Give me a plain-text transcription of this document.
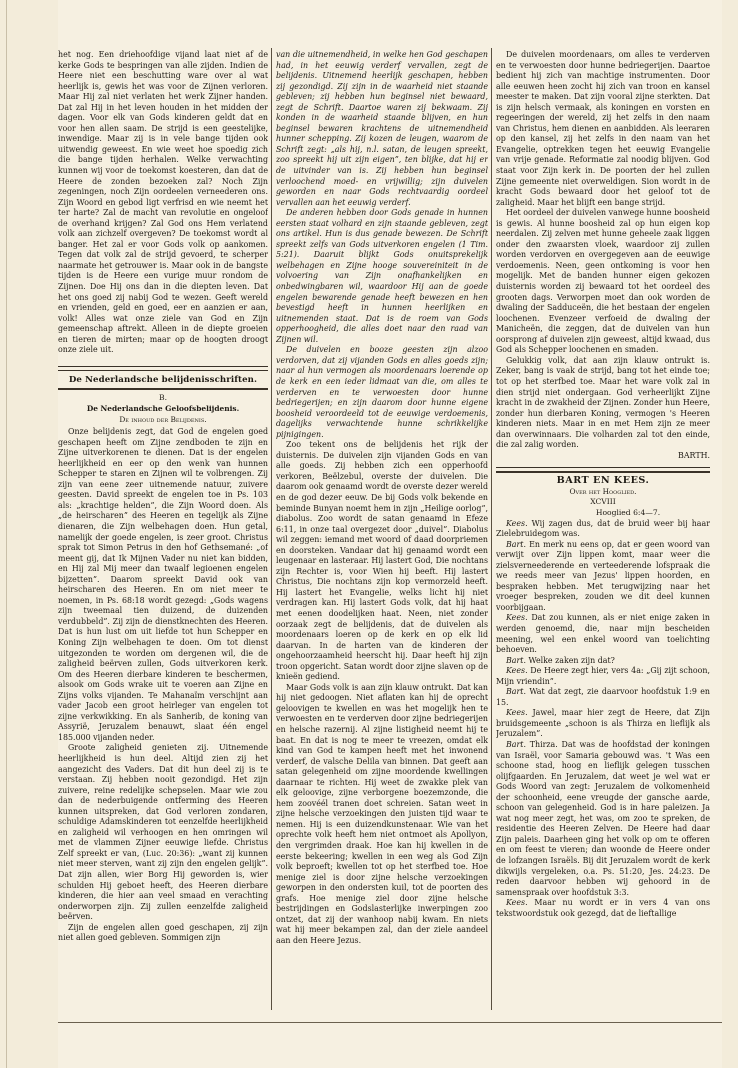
het nog. Een driehoofdige vijand laat niet af de kerke Gods te bespringen van alle zijden. Indien de Heere niet een beschutting ware over al wat heerlijk is, gewis het was voor de Zijnen verloren. Maar Hij zal niet verlaten het werk Zijner handen. Dat zal Hij in het leven houden in het midden der dagen. Voor elk van Gods kinderen geldt dat en voor hen allen saam. De strijd is een geestelijke, inwendige. Maar zij is in vele bange tijden ook uitwendig geweest. En wie weet hoe spoedig zich die bange tijden herhalen. Welke verwachting kunnen wij voor de toekomst koesteren, dan dat de Heere de zonden bezoeken zal? Noch Zijn zegeningen, noch Zijn oordeelen verneederen ons. Zijn Woord en gebod ligt verfrisd en wie neemt het ter harte? Zal de macht van revolutie en ongeloof de overhand krijgen? Zal God ons Hem verlatend volk aan zichzelf overgeven? De toekomst wordt al banger. Het zal er voor Gods volk op aankomen. Tegen dat volk zal de strijd gevoerd, te scherper naarmate het getrouwer is. Maar ook in de bangste tijden is de Heere een vurige muur rondom de Zijnen. Doe Hij ons dan in die diepten leven. Dat het ons goed zij nabij God te wezen. Geeft wereld en vrienden, geld en goed, eer en aanzien er aan, volk! Alles wat onze ziele van God en Zijn gemeenschap aftrekt. Alleen in de diepte groeien en tieren de mirten; maar op de hoogten droogt onze ziele uit.

De Nederlandsche belijdenisschriften.

B.

De Nederlandsche Geloofsbelijdenis.

De inhoud der Belijdenis.

Onze belijdenis zegt, dat God de engelen goed geschapen heeft om Zijne zendboden te zijn en Zijne uitverkorenen te dienen. Dat is der engelen heerlijkheid en eer op den wenk van hunnen Schepper te staren en Zijnen wil te volbrengen. Zij zijn van eene zeer uitnemende natuur, zuivere geesten. David spreekt de engelen toe in Ps. 103 als: „krachtige helden”, die Zijn Woord doen. Als „de heirscharen” des Heeren en tegelijk als Zijne dienaren, die Zijn welbehagen doen. Hun getal, namelijk der goede engelen, is zeer groot. Christus sprak tot Simon Petrus in den hof Gethsemané: „of meent gij, dat Ik Mijnen Vader nu niet kan bidden, en Hij zal Mij meer dan twaalf legioenen engelen bijzetten”. Daarom spreekt David ook van heirscharen des Heeren. En om niet meer te noemen, in Ps. 68:18 wordt gezegd: „Gods wagens zijn tweemaal tien duizend, de duizenden verdubbeld”. Zij zijn de dienstknechten des Heeren. Dat is hun lust om uit liefde tot hun Schepper en Koning Zijn welbehagen te doen. Om tot dienst uitgezonden te worden om dergenen wil, die de zaligheid beërven zullen, Gods uitverkoren kerk. Om des Heeren dierbare kinderen te beschermen, alsook om Gods wrake uit te voeren aan Zijne en Zijns volks vijanden. Te Mahanaïm verschijnt aan vader Jacob een groot heirleger van engelen tot zijne verkwikking. En als Sanherib, de koning van Assyrië, Jeruzalem benauwt, slaat één engel 185.000 vijanden neder.

Groote zaligheid genieten zij. Uitnemende heerlijkheid is hun deel. Altijd zien zij het aangezicht des Vaders. Dat dit hun deel zij is te verstaan. Zij hebben nooit gezondigd. Het zijn zuivere, reine redelijke schepselen. Maar wie zou dan de nederbuigende ontferming des Heeren kunnen uitspreken, dat God verloren zondaren, schuldige Adamskinderen tot eenzelfde heerlijkheid en zaligheid wil verhoogen en hen omringen wil met de vlammen Zijner eeuwige liefde. Christus Zelf spreekt er van, (Luc. 20:36): „want zij kunnen niet meer sterven, want zij zijn den engelen gelijk”. Dat zijn allen, wier Borg Hij geworden is, wier schulden Hij geboet heeft, des Heeren dierbare kinderen, die hier aan veel smaad en verachting onderworpen zijn. Zij zullen eenzelfde zaligheid beërven.

Zijn de engelen allen goed geschapen, zij zijn niet allen goed gebleven. Sommigen zijn

van die uitnemendheid, in welke hen God geschapen had, in het eeuwig verderf vervallen, zegt de belijdenis. Uitnemend heerlijk geschapen, hebben zij gezondigd. Zij zijn in de waarheid niet staande gebleven; zij hebben hun beginsel niet bewaard, zegt de Schrift. Daartoe waren zij bekwaam. Zij konden in de waarheid staande blijven, en hun beginsel bewaren krachtens de uitnemendheid hunner schepping. Zij kozen de leugen, waarom de Schrift zegt: „als hij, n.l. satan, de leugen spreekt, zoo spreekt hij uit zijn eigen”, ten blijke, dat hij er de uitvinder van is. Zij hebben hun beginsel verloochend moed- en vrijwillig; zijn duivelen geworden en naar Gods rechtvaardig oordeel vervallen aan het eeuwig verderf.

De anderen hebben door Gods genade in hunnen eersten staat volhard en zijn staande gebleven, zegt ons artikel. Hun is dus genade bewezen. De Schrift spreekt zelfs van Gods uitverkoren engelen (1 Tim. 5:21). Daaruit blijkt Gods onuitsprekelijk welbehagen en Zijne hooge souvereiniteit in de volvoering van Zijn onafhankelijken en onbedwingbaren wil, waardoor Hij aan de goede engelen bewarende genade heeft bewezen en hen bevestigd heeft in hunnen heerlijken en uitnemenden staat. Dat is de roem van Gods opperhoogheid, die alles doet naar den raad van Zijnen wil.

De duivelen en booze geesten zijn alzoo verdorven, dat zij vijanden Gods en alles goeds zijn; naar al hun vermogen als moordenaars loerende op de kerk en een ieder lidmaat van die, om alles te verderven en te verwoesten door hunne bedriegerijen; en zijn daarom door hunne eigene boosheid veroordeeld tot de eeuwige verdoemenis, dagelijks verwachtende hunne schrikkelijke pijnigingen.

Zoo tekent ons de belijdenis het rijk der duisternis. De duivelen zijn vijanden Gods en van alle goeds. Zij hebben zich een opperhoofd verkoren, Beëlzebul, overste der duivelen. Die daarom ook genaamd wordt de overste dezer wereld en de god dezer eeuw. De bij Gods volk bekende en beminde Bunyan noemt hem in zijn „Heilige oorlog”, diabolus. Zoo wordt de satan genaamd in Efeze 6:11, in onze taal overgezet door „duivel”. Diabolus wil zeggen: iemand met woord of daad doorpriemen en doorsteken. Vandaar dat hij genaamd wordt een leugenaar en lasteraar. Hij lastert God, Die nochtans zijn Rechter is, voor Wien hij beeft. Hij lastert Christus, Die nochtans zijn kop vermorzeld heeft. Hij lastert het Evangelie, welks licht hij niet verdragen kan. Hij lastert Gods volk, dat hij haat met eenen doodelijken haat. Neen, niet zonder oorzaak zegt de belijdenis, dat de duivelen als moordenaars loeren op de kerk en op elk lid daarvan. In de harten van de kinderen der ongehoorzaamheid heerscht hij. Daar heeft hij zijn troon opgericht. Satan wordt door zijne slaven op de knieën gediend.

Maar Gods volk is aan zijn klauw ontrukt. Dat kan hij niet gedoogen. Niet aflaten kan hij de oprecht geloovigen te kwellen en was het mogelijk hen te verwoesten en te verderven door zijne bedriegerijen en helsche razernij. Al zijne listigheid neemt hij te baat. En dat is nog te meer te vreezen, omdat elk kind van God te kampen heeft met het inwonend verderf, de valsche Delila van binnen. Dat geeft aan satan gelegenheid om zijne moordende kwellingen daarnaar te richten. Hij weet de zwakke plek van elk geloovige, zijne verborgene boezemzonde, die hem zoovéél tranen doet schreien. Satan weet in zijne helsche verzoekingen den juisten tijd waar te nemen. Hij is een duizendkunstenaar. Wie van het oprechte volk heeft hem niet ontmoet als Apollyon, den vergrimden draak. Hoe kan hij kwellen in de eerste bekeering; kwellen in een weg als God Zijn volk beproeft; kwellen tot op het sterfbed toe. Hoe menige ziel is door zijne helsche verzoekingen geworpen in den ondersten kuil, tot de poorten des grafs. Hoe menige ziel door zijne helsche bestrijdingen en Godslasterlijke inwerpingen zoo ontzet, dat zij der wanhoop nabij kwam. En niets wat hij meer bekampen zal, dan der ziele aandeel aan den Heere Jezus.

De duivelen moordenaars, om alles te verderven en te verwoesten door hunne bedriegerijen. Daartoe bedient hij zich van machtige instrumenten. Door alle eeuwen heen zocht hij zich van troon en kansel meester te maken. Dat zijn vooral zijne sterkten. Dat is zijn helsch vermaak, als koningen en vorsten en regeeringen der wereld, zij het zelfs in den naam van Christus, hem dienen en aanbidden. Als leeraren op den kansel, zij het zelfs in den naam van het Evangelie, optrekken tegen het eeuwig Evangelie van vrije genade. Reformatie zal noodig blijven. God staat voor Zijn kerk in. De poorten der hel zullen Zijne gemeente niet overweldigen. Sion wordt in de kracht Gods bewaard door het geloof tot de zaligheid. Maar het blijft een bange strijd.

Het oordeel der duivelen vanwege hunne boosheid is gewis. Al hunne boosheid zal op hun eigen kop neerdalen. Zij zelven met hunne geheele zaak liggen onder den zwaarsten vloek, waardoor zij zullen worden verdorven en overgegeven aan de eeuwige verdoemenis. Neen, geen ontkoming is voor hen mogelijk. Met de banden hunner eigen gekozen duisternis worden zij bewaard tot het oordeel des grooten dags. Verworpen moet dan ook worden de dwaling der Sadduceën, die het bestaan der engelen loochenen. Evenzeer verfoeid de dwaling der Manicheën, die zeggen, dat de duivelen van hun oorsprong af duivelen zijn geweest, altijd kwaad, dus God als Schepper loochenen en smaden.

Gelukkig volk, dat aan zijn klauw ontrukt is. Zeker, bang is vaak de strijd, bang tot het einde toe; tot op het sterfbed toe. Maar het ware volk zal in dien strijd niet ondergaan. God verheerlijkt Zijne kracht in de zwakheid der Zijnen. Zonder hun Heere, zonder hun dierbaren Koning, vermogen 's Heeren kinderen niets. Maar in en met Hem zijn ze meer dan overwinnaars. Die volharden zal tot den einde, die zal zalig worden.

BARTH.

BART EN KEES.

Over het Hooglied.

XCVIII

Hooglied 6:4—7.

Kees. Wij zagen dus, dat de bruid weer bij haar Zielebruidegom was.

Bart. En merk nu eens op, dat er geen woord van verwijt over Zijn lippen komt, maar weer die zielsverneederende en verteederende lofspraak die we reeds meer van Jezus' lippen hoorden, en bespraken hebben. Met terugwijzing naar het vroeger bespreken, zouden we dit deel kunnen voorbijgaan.

Kees. Dat zou kunnen, als er niet enige zaken in werden genoemd, die, naar mijn bescheiden meening, wel een enkel woord van toelichting behoeven.

Bart. Welke zaken zijn dat?

Kees. De Heere zegt hier, vers 4a: „Gij zijt schoon, Mijn vriendin”.

Bart. Wat dat zegt, zie daarvoor hoofdstuk 1:9 en 15.

Kees. Jawel, maar hier zegt de Heere, dat Zijn bruidsgemeente „schoon is als Thirza en lieflijk als Jeruzalem”.

Bart. Thirza. Dat was de hoofdstad der koningen van Israël, voor Samaria gebouwd was. 't Was een schoone stad, hoog en lieflijk gelegen tusschen olijfgaarden. En Jeruzalem, dat weet je wel wat er Gods Woord van zegt: Jeruzalem de volkomenheid der schoonheid, eene vreugde der gansche aarde, schoon van gelegenheid. God is in hare paleizen. Ja wat nog meer zegt, het was, om zoo te spreken, de residentie des Heeren Zelven. De Heere had daar Zijn paleis. Daarheen ging het volk op om te offeren en om feest te vieren; dan woonde de Heere onder de lofzangen Israëls. Bij dit Jeruzalem wordt de kerk dikwijls vergeleken, o.a. Ps. 51:20, Jes. 24:23. De reden daarvoor hebben wij gehoord in de samenspraak over hoofdstuk 3:3.

Kees. Maar nu wordt er in vers 4 van ons tekstwoordstuk ook gezegd, dat de lieftallige
